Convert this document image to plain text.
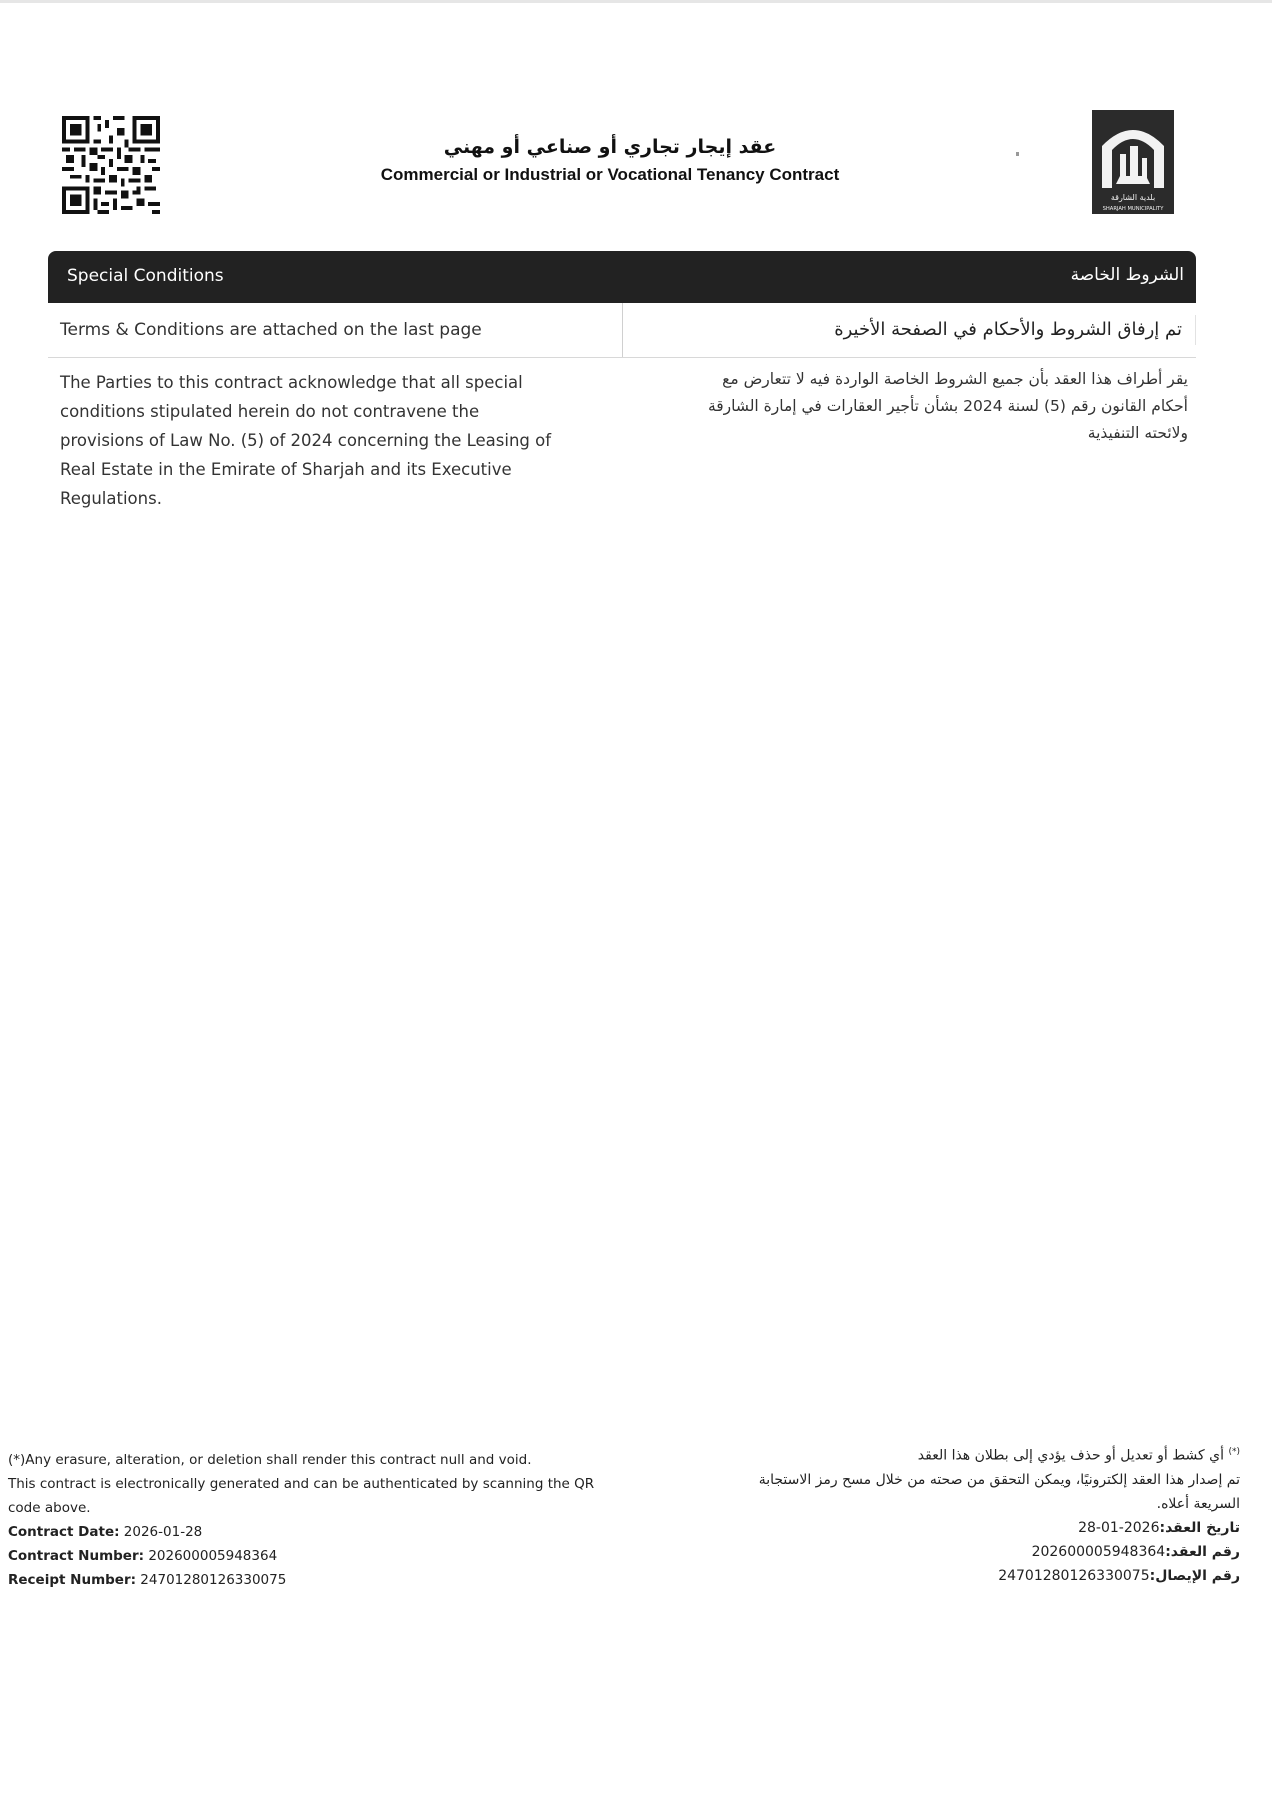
عقد إيجار تجاري أو صناعي أو مهني
Commercial or Industrial or Vocational Tenancy Contract
بلدية الشارقة
SHARJAH MUNICIPALITY
Special Conditions	الشروط الخاصة
Terms & Conditions are attached on the last page	تم إرفاق الشروط والأحكام في الصفحة الأخيرة
The Parties to this contract acknowledge that all special
conditions stipulated herein do not contravene the
provisions of Law No. (5) of 2024 concerning the Leasing of
Real Estate in the Emirate of Sharjah and its Executive
Regulations.
يقر أطراف هذا العقد بأن جميع الشروط الخاصة الواردة فيه لا تتعارض مع
أحكام القانون رقم (5) لسنة 2024 بشأن تأجير العقارات في إمارة الشارقة
ولائحته التنفيذية
(*)Any erasure, alteration, or deletion shall render this contract null and void.
This contract is electronically generated and can be authenticated by scanning the QR
code above.
Contract Date: 2026-01-28
Contract Number: 202600005948364
Receipt Number: 24701280126330075
(*) أي كشط أو تعديل أو حذف يؤدي إلى بطلان هذا العقد
تم إصدار هذا العقد إلكترونيًا، ويمكن التحقق من صحته من خلال مسح رمز الاستجابة
السريعة أعلاه.
تاريخ العقد:2026-01-28
رقم العقد:202600005948364
رقم الإيصال:24701280126330075
